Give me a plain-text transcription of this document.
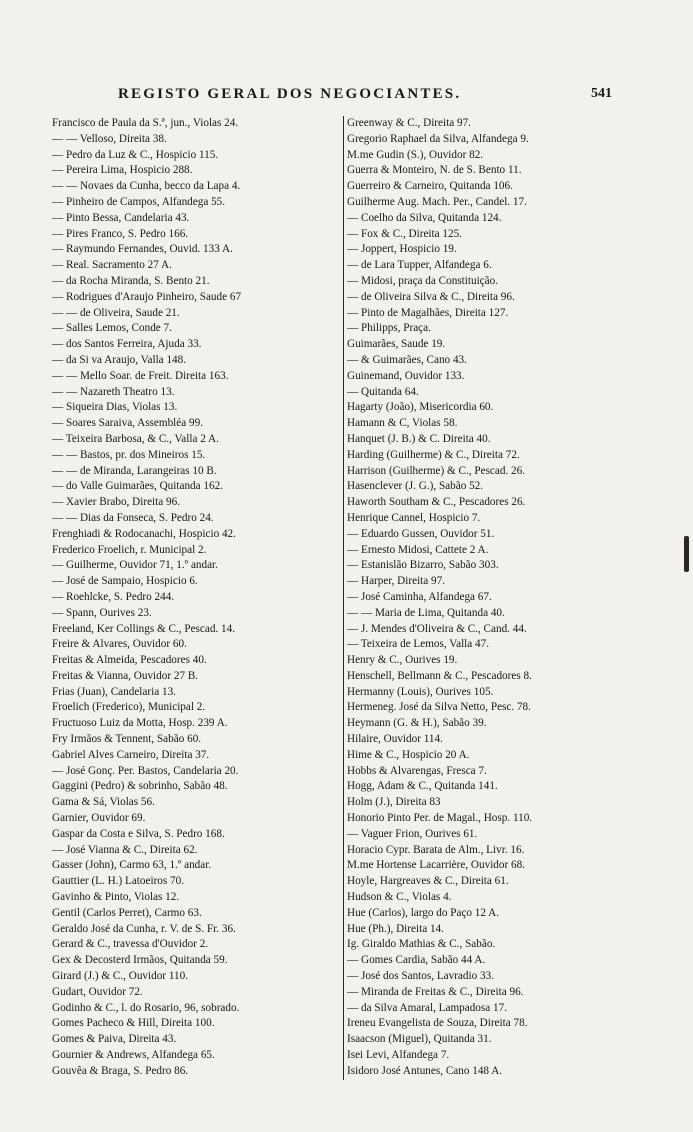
REGISTO GERAL DOS NEGOCIANTES.	541
Francisco de Paula da S.ª, jun., Violas 24.
— — Velloso, Direita 38.
— Pedro da Luz & C., Hospicio 115.
— Pereira Lima, Hospicio 288.
— — Novaes da Cunha, becco da Lapa 4.
— Pinheiro de Campos, Alfandega 55.
— Pinto Bessa, Candelaria 43.
— Pires Franco, S. Pedro 166.
— Raymundo Fernandes, Ouvid. 133 A.
— Real. Sacramento 27 A.
— da Rocha Miranda, S. Bento 21.
— Rodrigues d'Araujo Pinheiro, Saude 67
— — de Oliveira, Saude 21.
— Salles Lemos, Conde 7.
— dos Santos Ferreira, Ajuda 33.
— da Si va Araujo, Valla 148.
— — Mello Soar. de Freit. Direita 163.
— — Nazareth Theatro 13.
— Siqueira Dias, Violas 13.
— Soares Saraiva, Assembléa 99.
— Teixeira Barbosa, & C., Valla 2 A.
— — Bastos, pr. dos Mineiros 15.
— — de Miranda, Larangeiras 10 B.
— do Valle Guimarães, Quitanda 162.
— Xavier Brabo, Direita 96.
— — Dias da Fonseca, S. Pedro 24.
Frenghiadi & Rodocanachi, Hospicio 42.
Frederico Froelich, r. Municipal 2.
— Guilherme, Ouvidor 71, 1.º andar.
— José de Sampaio, Hospicio 6.
— Roehlcke, S. Pedro 244.
— Spann, Ourives 23.
Freeland, Ker Collings & C., Pescad. 14.
Freire & Alvares, Ouvidor 60.
Freitas & Almeida, Pescadores 40.
Freitas & Vianna, Ouvidor 27 B.
Frias (Juan), Candelaria 13.
Froelich (Frederico), Municipal 2.
Fructuoso Luiz da Motta, Hosp. 239 A.
Fry Irmãos & Tennent, Sabão 60.
Gabriel Alves Carneiro, Direita 37.
— José Gonç. Per. Bastos, Candelaria 20.
Gaggini (Pedro) & sobrinho, Sabão 48.
Gama & Sá, Violas 56.
Garnier, Ouvidor 69.
Gaspar da Costa e Silva, S. Pedro 168.
— José Vianna & C., Direita 62.
Gasser (John), Carmo 63, 1.º andar.
Gauttier (L. H.) Latoeiros 70.
Gavinho & Pinto, Violas 12.
Gentil (Carlos Perret), Carmo 63.
Geraldo José da Cunha, r. V. de S. Fr. 36.
Gerard & C., travessa d'Ouvidor 2.
Gex & Decosterd Irmãos, Quitanda 59.
Girard (J.) & C., Ouvidor 110.
Gudart, Ouvidor 72.
Godinho & C., l. do Rosario, 96, sobrado.
Gomes Pacheco & Hill, Direita 100.
Gomes & Paiva, Direita 43.
Gournier & Andrews, Alfandega 65.
Gouvêa & Braga, S. Pedro 86.
Greenway & C., Direita 97.
Gregorio Raphael da Silva, Alfandega 9.
M.me Gudin (S.), Ouvidor 82.
Guerra & Monteiro, N. de S. Bento 11.
Guerreiro & Carneiro, Quitanda 106.
Guilherme Aug. Mach. Per., Candel. 17.
— Coelho da Silva, Quitanda 124.
— Fox & C., Direita 125.
— Joppert, Hospicio 19.
— de Lara Tupper, Alfandega 6.
— Midosi, praça da Constituição.
— de Oliveira Silva & C., Direita 96.
— Pinto de Magalhães, Direita 127.
— Philipps, Praça.
Guimarães, Saude 19.
— & Guimarães, Cano 43.
Guinemand, Ouvidor 133.
— Quitanda 64.
Hagarty (João), Misericordia 60.
Hamann & C, Violas 58.
Hanquet (J. B.) & C. Direita 40.
Harding (Guilherme) & C., Direita 72.
Harrison (Guilherme) & C., Pescad. 26.
Hasenclever (J. G.), Sabão 52.
Haworth Southam & C., Pescadores 26.
Henrique Cannel, Hospicio 7.
— Eduardo Gussen, Ouvidor 51.
— Ernesto Midosi, Cattete 2 A.
— Estanislão Bizarro, Sabão 303.
— Harper, Direita 97.
— José Caminha, Alfandega 67.
— — Maria de Lima, Quitanda 40.
— J. Mendes d'Oliveira & C., Cand. 44.
— Teixeira de Lemos, Valla 47.
Henry & C., Ourives 19.
Henschell, Bellmann & C., Pescadores 8.
Hermanny (Louis), Ourives 105.
Hermeneg. José da Silva Netto, Pesc. 78.
Heymann (G. & H.), Sabão 39.
Hilaire, Ouvidor 114.
Hime & C., Hospicio 20 A.
Hobbs & Alvarengas, Fresca 7.
Hogg, Adam & C., Quitanda 141.
Holm (J.), Direita 83
Honorio Pinto Per. de Magal., Hosp. 110.
— Vaguer Frion, Ourives 61.
Horacio Cypr. Barata de Alm., Livr. 16.
M.me Hortense Lacarrière, Ouvidor 68.
Hoyle, Hargreaves & C., Direita 61.
Hudson & C., Violas 4.
Hue (Carlos), largo do Paço 12 A.
Hue (Ph.), Direita 14.
Ig. Giraldo Mathias & C., Sabão.
— Gomes Cardia, Sabão 44 A.
— José dos Santos, Lavradio 33.
— Miranda de Freitas & C., Direita 96.
— da Silva Amaral, Lampadosa 17.
Ireneu Evangelista de Souza, Direita 78.
Isaacson (Miguel), Quitanda 31.
Isei Levi, Alfandega 7.
Isidoro José Antunes, Cano 148 A.
